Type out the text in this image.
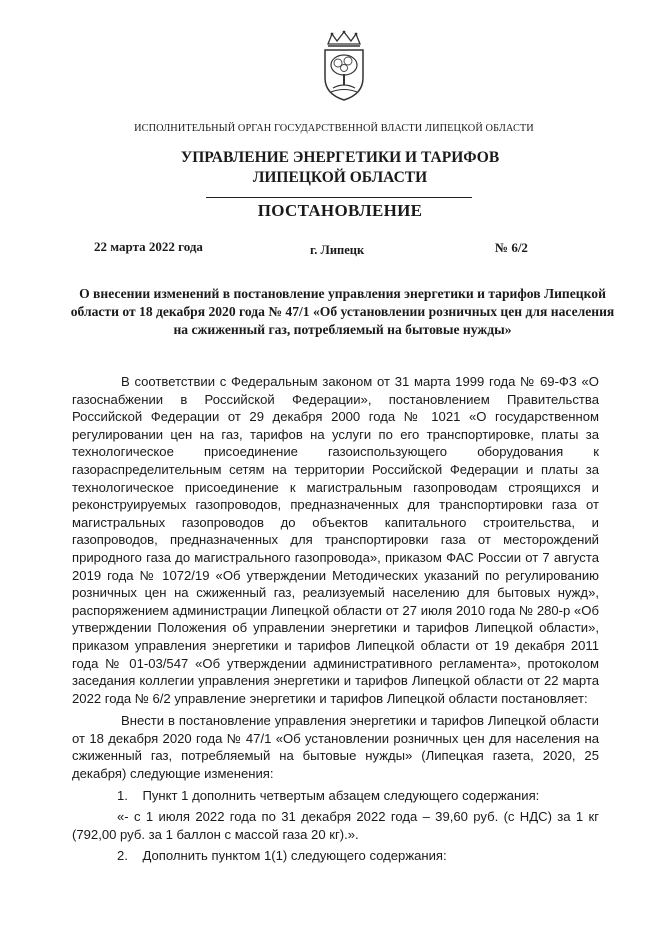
ИСПОЛНИТЕЛЬНЫЙ ОРГАН ГОСУДАРСТВЕННОЙ ВЛАСТИ ЛИПЕЦКОЙ ОБЛАСТИ
УПРАВЛЕНИЕ ЭНЕРГЕТИКИ И ТАРИФОВ
ЛИПЕЦКОЙ ОБЛАСТИ
ПОСТАНОВЛЕНИЕ
22 марта 2022 года	г. Липецк	№ 6/2
О внесении изменений в постановление управления энергетики и тарифов Липецкой области от 18 декабря 2020 года № 47/1 «Об установлении розничных цен для населения на сжиженный газ, потребляемый на бытовые нужды»

В соответствии с Федеральным законом от 31 марта 1999 года № 69-ФЗ «О газоснабжении в Российской Федерации», постановлением Правительства Российской Федерации от 29 декабря 2000 года № 1021 «О государственном регулировании цен на газ, тарифов на услуги по его транспортировке, платы за технологическое присоединение газоиспользующего оборудования к газораспределительным сетям на территории Российской Федерации и платы за технологическое присоединение к магистральным газопроводам строящихся и реконструируемых газопроводов, предназначенных для транспортировки газа от магистральных газопроводов до объектов капитального строительства, и газопроводов, предназначенных для транспортировки газа от месторождений природного газа до магистрального газопровода», приказом ФАС России от 7 августа 2019 года № 1072/19 «Об утверждении Методических указаний по регулированию розничных цен на сжиженный газ, реализуемый населению для бытовых нужд», распоряжением администрации Липецкой области от 27 июля 2010 года № 280-р «Об утверждении Положения об управлении энергетики и тарифов Липецкой области», приказом управления энергетики и тарифов Липецкой области от 19 декабря 2011 года № 01-03/547 «Об утверждении административного регламента», протоколом заседания коллегии управления энергетики и тарифов Липецкой области от 22 марта 2022 года № 6/2 управление энергетики и тарифов Липецкой области постановляет:

Внести в постановление управления энергетики и тарифов Липецкой области от 18 декабря 2020 года № 47/1 «Об установлении розничных цен для населения на сжиженный газ, потребляемый на бытовые нужды» (Липецкая газета, 2020, 25 декабря) следующие изменения:

1.    Пункт 1 дополнить четвертым абзацем следующего содержания:

«- с 1 июля 2022 года по 31 декабря 2022 года – 39,60 руб. (с НДС) за 1 кг (792,00 руб. за 1 баллон с массой газа 20 кг).».

2.    Дополнить пунктом 1(1) следующего содержания:
